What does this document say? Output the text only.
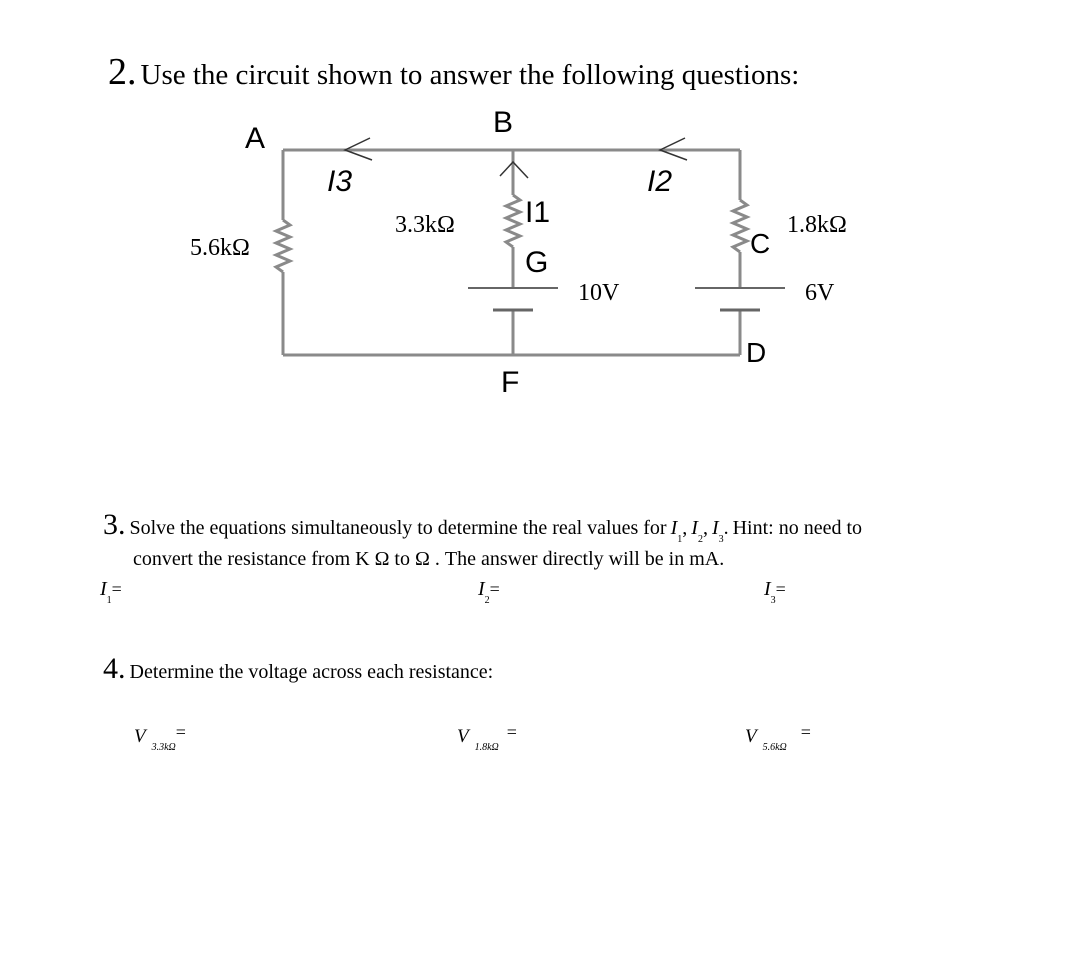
2. Use the circuit shown to answer the following questions:
A	B
C
D
F
G
I3	I2
I1
5.6kΩ
3.3kΩ	1.8kΩ
10V	6V
3. Solve the equations simultaneously to determine the real values for $I_1$, $I_2$, $I_3$. Hint: no need to
convert the resistance from K Ω to Ω . The answer directly will be in mA.
$I_1=$	$I_2=$	$I_3=$
4. Determine the voltage across each resistance:
$V_{3.3k\Omega}=$	$V_{1.8k\Omega}=$	$V_{5.6k\Omega}=$
